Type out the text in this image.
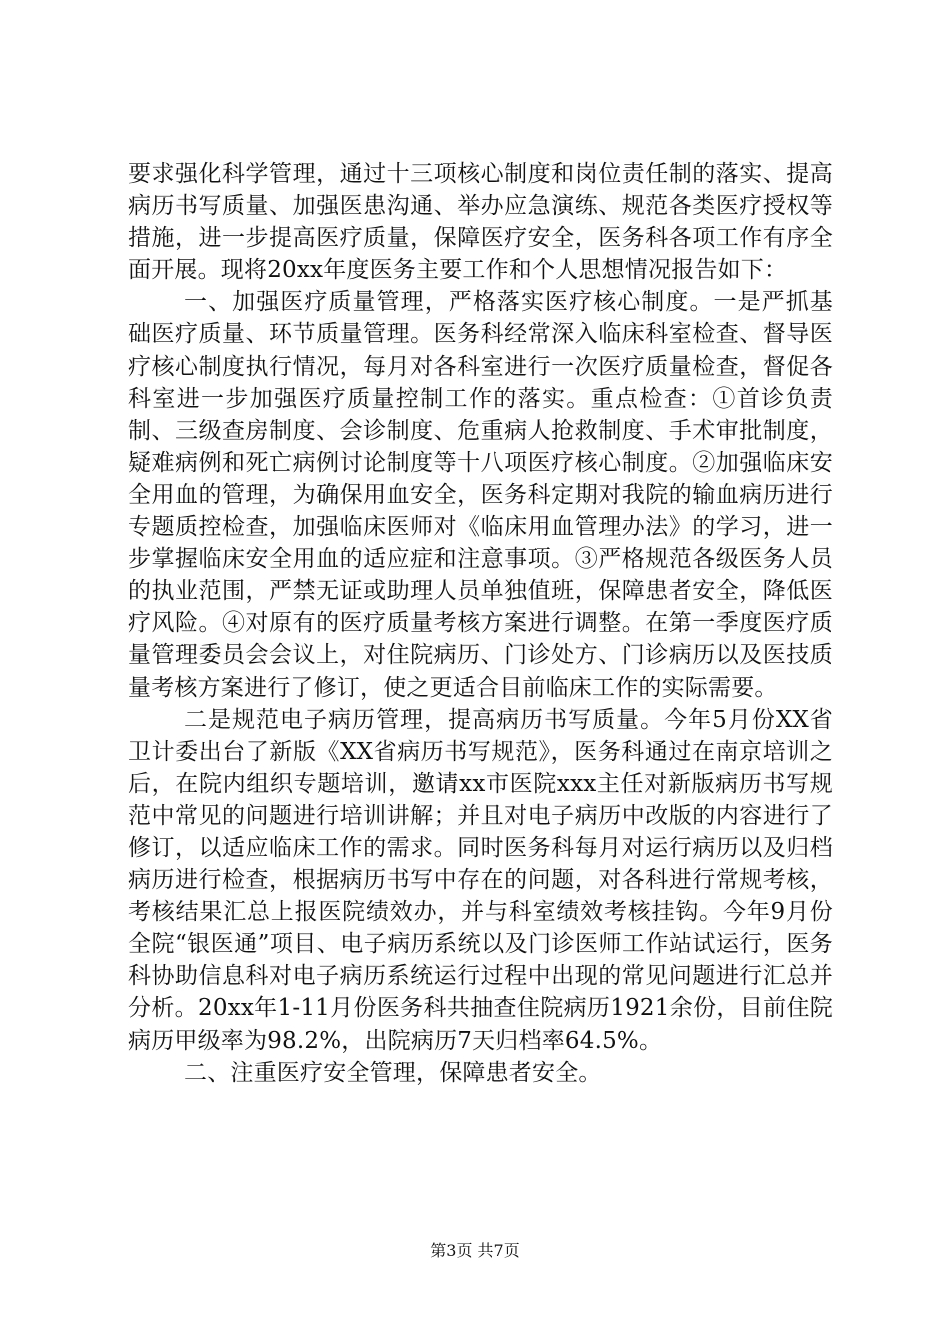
要求强化科学管理，通过十三项核心制度和岗位责任制的落实、提高病历书写质量、加强医患沟通、举办应急演练、规范各类医疗授权等措施，进一步提高医疗质量，保障医疗安全，医务科各项工作有序全面开展。现将20xx年度医务主要工作和个人思想情况报告如下：

一、加强医疗质量管理，严格落实医疗核心制度。一是严抓基础医疗质量、环节质量管理。医务科经常深入临床科室检查、督导医疗核心制度执行情况，每月对各科室进行一次医疗质量检查，督促各科室进一步加强医疗质量控制工作的落实。重点检查：①首诊负责制、三级查房制度、会诊制度、危重病人抢救制度、手术审批制度，疑难病例和死亡病例讨论制度等十八项医疗核心制度。②加强临床安全用血的管理，为确保用血安全，医务科定期对我院的输血病历进行专题质控检查，加强临床医师对《临床用血管理办法》的学习，进一步掌握临床安全用血的适应症和注意事项。③严格规范各级医务人员的执业范围，严禁无证或助理人员单独值班，保障患者安全，降低医疗风险。④对原有的医疗质量考核方案进行调整。在第一季度医疗质量管理委员会会议上，对住院病历、门诊处方、门诊病历以及医技质量考核方案进行了修订，使之更适合目前临床工作的实际需要。

二是规范电子病历管理，提高病历书写质量。今年5月份XX省卫计委出台了新版《XX省病历书写规范》，医务科通过在南京培训之后，在院内组织专题培训，邀请xx市医院xxx主任对新版病历书写规范中常见的问题进行培训讲解；并且对电子病历中改版的内容进行了修订，以适应临床工作的需求。同时医务科每月对运行病历以及归档病历进行检查，根据病历书写中存在的问题，对各科进行常规考核，考核结果汇总上报医院绩效办，并与科室绩效考核挂钩。今年9月份全院“银医通”项目、电子病历系统以及门诊医师工作站试运行，医务科协助信息科对电子病历系统运行过程中出现的常见问题进行汇总并分析。20xx年1-11月份医务科共抽查住院病历1921余份，目前住院病历甲级率为98.2%，出院病历7天归档率64.5%。

二、注重医疗安全管理，保障患者安全。

第3页 共7页
